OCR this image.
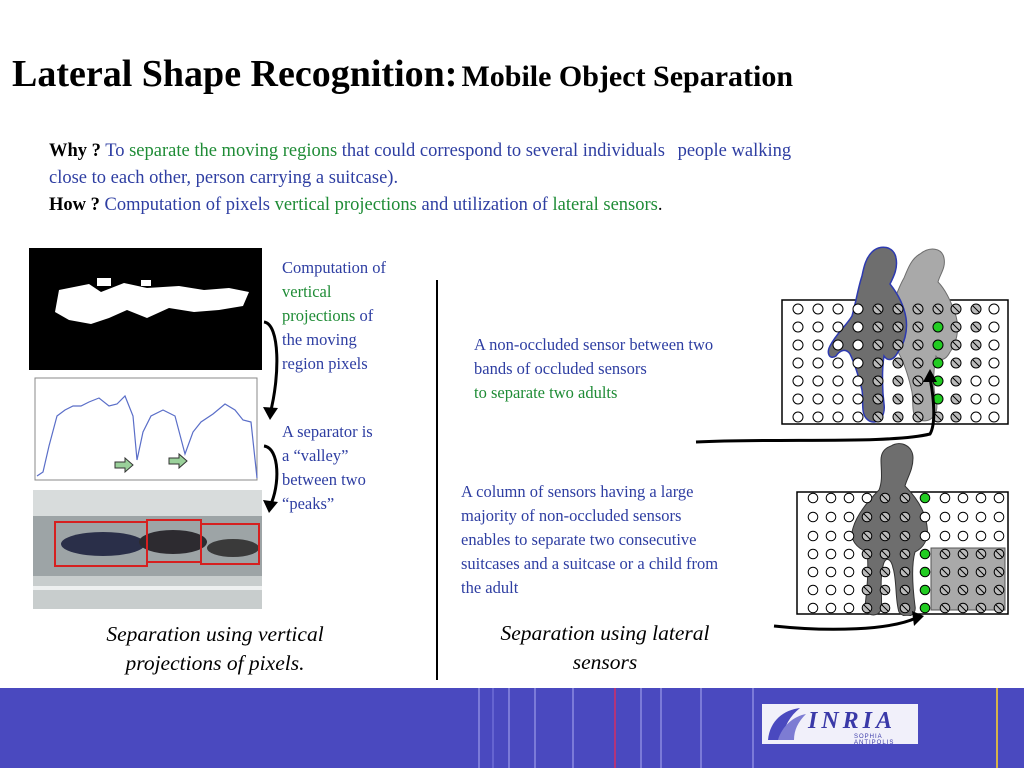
Lateral Shape Recognition: Mobile Object Separation
Why ? To separate the moving regions that could correspond to several individuals people walking
close to each other, person carrying a suitcase).
How ? Computation of pixels vertical projections and utilization of lateral sensors.
Computation of
vertical
projections of
the moving
region pixels
A separator is
a “valley”
between two
“peaks”
Separation using vertical
projections of pixels.
A non-occluded sensor between two
bands of occluded sensors
to separate two adults
A column of sensors having a large
majority of non-occluded sensors
enables to separate two consecutive
suitcases and a suitcase or a child from
the adult
Separation using lateral
sensors
INRIA
SOPHIA ANTIPOLIS
